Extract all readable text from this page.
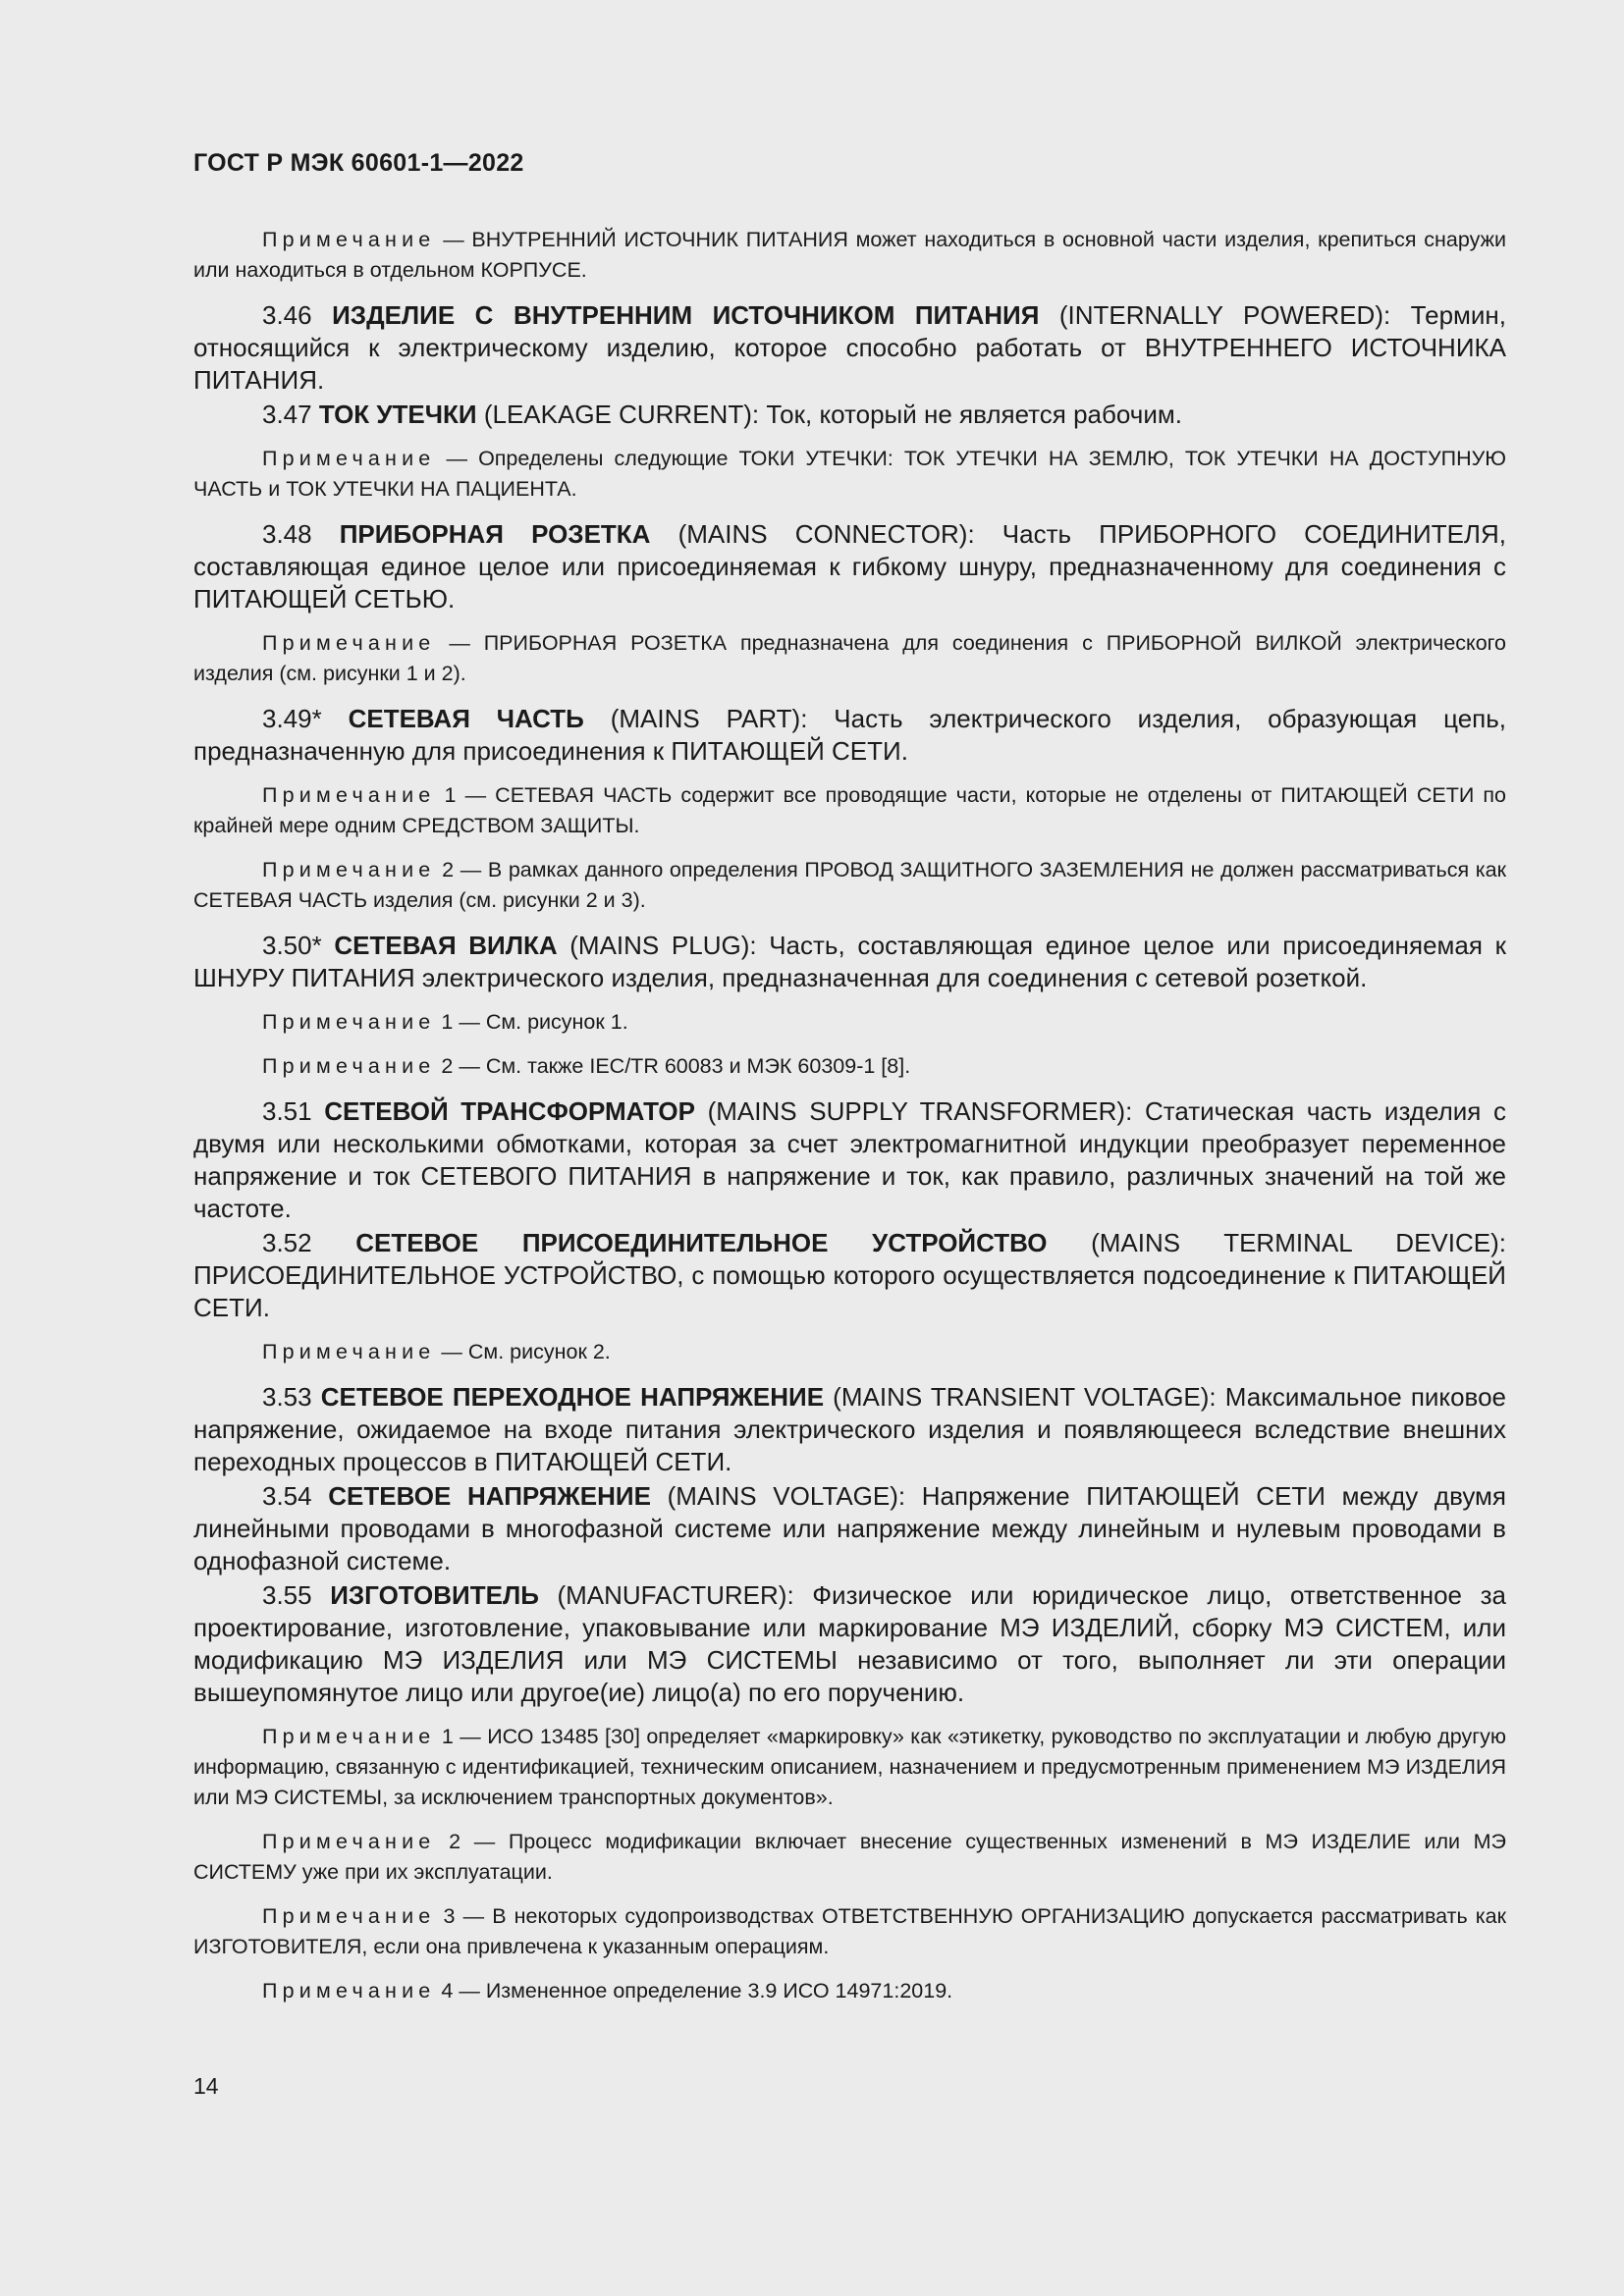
ГОСТ Р МЭК 60601-1—2022

Примечание — ВНУТРЕННИЙ ИСТОЧНИК ПИТАНИЯ может находиться в основной части изделия, крепиться снаружи или находиться в отдельном КОРПУСЕ.

3.46 ИЗДЕЛИЕ С ВНУТРЕННИМ ИСТОЧНИКОМ ПИТАНИЯ (INTERNALLY POWERED): Термин, относящийся к электрическому изделию, которое способно работать от ВНУТРЕННЕГО ИСТОЧНИКА ПИТАНИЯ.

3.47 ТОК УТЕЧКИ (LEAKAGE CURRENT): Ток, который не является рабочим.

Примечание — Определены следующие ТОКИ УТЕЧКИ: ТОК УТЕЧКИ НА ЗЕМЛЮ, ТОК УТЕЧКИ НА ДОСТУПНУЮ ЧАСТЬ и ТОК УТЕЧКИ НА ПАЦИЕНТА.

3.48 ПРИБОРНАЯ РОЗЕТКА (MAINS CONNECTOR): Часть ПРИБОРНОГО СОЕДИНИТЕЛЯ, составляющая единое целое или присоединяемая к гибкому шнуру, предназначенному для соединения с ПИТАЮЩЕЙ СЕТЬЮ.

Примечание — ПРИБОРНАЯ РОЗЕТКА предназначена для соединения с ПРИБОРНОЙ ВИЛКОЙ электрического изделия (см. рисунки 1 и 2).

3.49* СЕТЕВАЯ ЧАСТЬ (MAINS PART): Часть электрического изделия, образующая цепь, предназначенную для присоединения к ПИТАЮЩЕЙ СЕТИ.

Примечание 1 — СЕТЕВАЯ ЧАСТЬ содержит все проводящие части, которые не отделены от ПИТАЮЩЕЙ СЕТИ по крайней мере одним СРЕДСТВОМ ЗАЩИТЫ.

Примечание 2 — В рамках данного определения ПРОВОД ЗАЩИТНОГО ЗАЗЕМЛЕНИЯ не должен рассматриваться как СЕТЕВАЯ ЧАСТЬ изделия (см. рисунки 2 и 3).

3.50* СЕТЕВАЯ ВИЛКА (MAINS PLUG): Часть, составляющая единое целое или присоединяемая к ШНУРУ ПИТАНИЯ электрического изделия, предназначенная для соединения с сетевой розеткой.

Примечание 1 — См. рисунок 1.

Примечание 2 — См. также IEC/TR 60083 и МЭК 60309-1 [8].

3.51 СЕТЕВОЙ ТРАНСФОРМАТОР (MAINS SUPPLY TRANSFORMER): Статическая часть изделия с двумя или несколькими обмотками, которая за счет электромагнитной индукции преобразует переменное напряжение и ток СЕТЕВОГО ПИТАНИЯ в напряжение и ток, как правило, различных значений на той же частоте.

3.52 СЕТЕВОЕ ПРИСОЕДИНИТЕЛЬНОЕ УСТРОЙСТВО (MAINS TERMINAL DEVICE): ПРИСОЕДИНИТЕЛЬНОЕ УСТРОЙСТВО, с помощью которого осуществляется подсоединение к ПИТАЮЩЕЙ СЕТИ.

Примечание — См. рисунок 2.

3.53 СЕТЕВОЕ ПЕРЕХОДНОЕ НАПРЯЖЕНИЕ (MAINS TRANSIENT VOLTAGE): Максимальное пиковое напряжение, ожидаемое на входе питания электрического изделия и появляющееся вследствие внешних переходных процессов в ПИТАЮЩЕЙ СЕТИ.

3.54 СЕТЕВОЕ НАПРЯЖЕНИЕ (MAINS VOLTAGE): Напряжение ПИТАЮЩЕЙ СЕТИ между двумя линейными проводами в многофазной системе или напряжение между линейным и нулевым проводами в однофазной системе.

3.55 ИЗГОТОВИТЕЛЬ (MANUFACTURER): Физическое или юридическое лицо, ответственное за проектирование, изготовление, упаковывание или маркирование МЭ ИЗДЕЛИЙ, сборку МЭ СИСТЕМ, или модификацию МЭ ИЗДЕЛИЯ или МЭ СИСТЕМЫ независимо от того, выполняет ли эти операции вышеупомянутое лицо или другое(ие) лицо(а) по его поручению.

Примечание 1 — ИСО 13485 [30] определяет «маркировку» как «этикетку, руководство по эксплуатации и любую другую информацию, связанную с идентификацией, техническим описанием, назначением и предусмотренным применением МЭ ИЗДЕЛИЯ или МЭ СИСТЕМЫ, за исключением транспортных документов».

Примечание 2 — Процесс модификации включает внесение существенных изменений в МЭ ИЗДЕЛИЕ или МЭ СИСТЕМУ уже при их эксплуатации.

Примечание 3 — В некоторых судопроизводствах ОТВЕТСТВЕННУЮ ОРГАНИЗАЦИЮ допускается рассматривать как ИЗГОТОВИТЕЛЯ, если она привлечена к указанным операциям.

Примечание 4 — Измененное определение 3.9 ИСО 14971:2019.

14
